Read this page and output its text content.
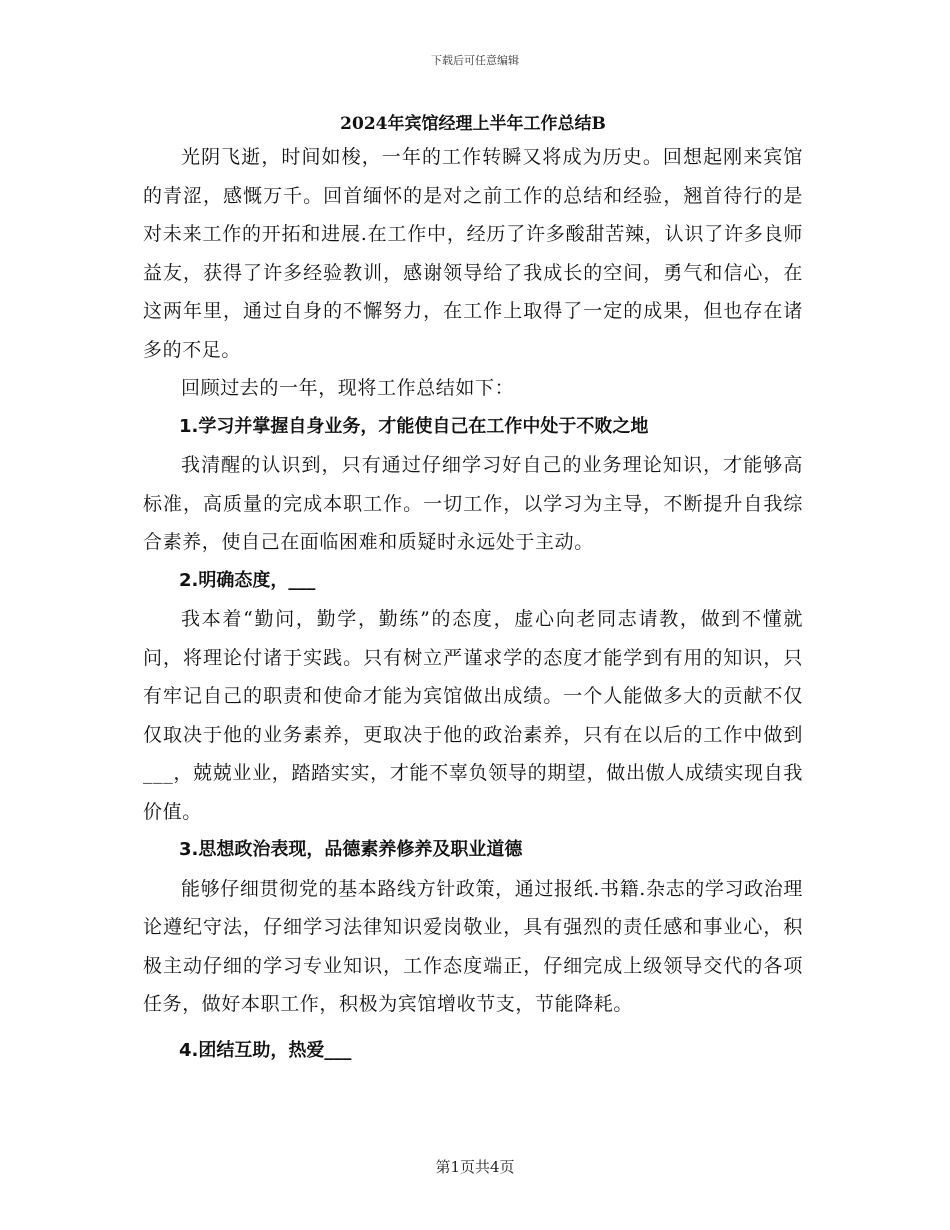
下载后可任意编辑
2024年宾馆经理上半年工作总结B

光阴飞逝，时间如梭，一年的工作转瞬又将成为历史。回想起刚来宾馆的青涩，感慨万千。回首缅怀的是对之前工作的总结和经验，翘首待行的是对未来工作的开拓和进展.在工作中，经历了许多酸甜苦辣，认识了许多良师益友，获得了许多经验教训，感谢领导给了我成长的空间，勇气和信心，在这两年里，通过自身的不懈努力，在工作上取得了一定的成果，但也存在诸多的不足。

回顾过去的一年，现将工作总结如下：

1.学习并掌握自身业务，才能使自己在工作中处于不败之地

我清醒的认识到，只有通过仔细学习好自己的业务理论知识，才能够高标准，高质量的完成本职工作。一切工作，以学习为主导，不断提升自我综合素养，使自己在面临困难和质疑时永远处于主动。

2.明确态度，___

我本着“勤问，勤学，勤练”的态度，虚心向老同志请教，做到不懂就问，将理论付诸于实践。只有树立严谨求学的态度才能学到有用的知识，只有牢记自己的职责和使命才能为宾馆做出成绩。一个人能做多大的贡献不仅仅取决于他的业务素养，更取决于他的政治素养，只有在以后的工作中做到___，兢兢业业，踏踏实实，才能不辜负领导的期望，做出傲人成绩实现自我价值。

3.思想政治表现，品德素养修养及职业道德

能够仔细贯彻党的基本路线方针政策，通过报纸.书籍.杂志的学习政治理论遵纪守法，仔细学习法律知识爱岗敬业，具有强烈的责任感和事业心，积极主动仔细的学习专业知识，工作态度端正，仔细完成上级领导交代的各项任务，做好本职工作，积极为宾馆增收节支，节能降耗。

4.团结互助，热爱___

第1页共4页
